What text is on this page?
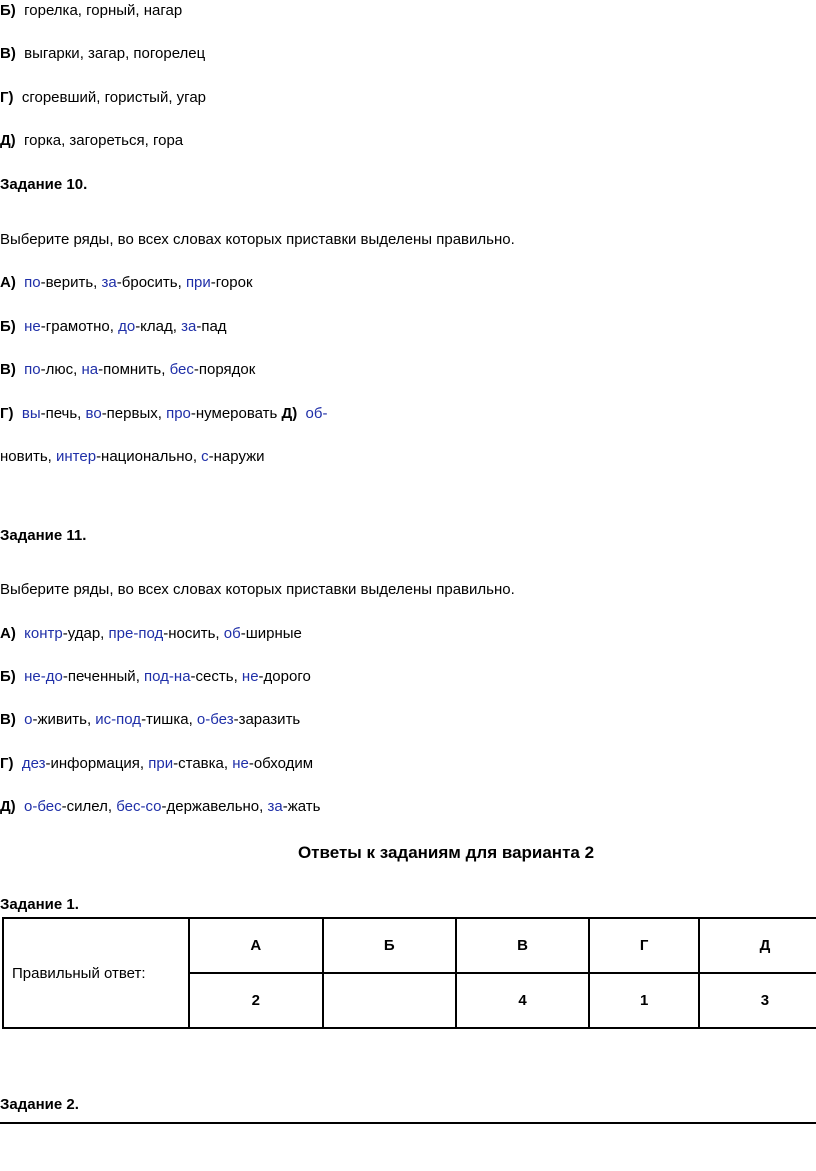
Б) горелка, горный, нагар
В) выгарки, загар, погорелец
Г) сгоревший, гористый, угар
Д) горка, загореться, гора
Задание 10.
Выберите ряды, во всех словах которых приставки выделены правильно.
А) по-верить, за-бросить, при-горок
Б) не-грамотно, до-клад, за-пад
В) по-люс, на-помнить, бес-порядок
Г) вы-печь, во-первых, про-нумеровать Д) об-
новить, интер-национально, с-наружи
Задание 11.
Выберите ряды, во всех словах которых приставки выделены правильно.
А) контр-удар, пре-под-носить, об-ширные
Б) не-до-печенный, под-на-сесть, не-дорого
В) о-живить, ис-под-тишка, о-без-заразить
Г) дез-информация, при-ставка, не-обходим
Д) о-бес-силел, бес-со-державельно, за-жать
Ответы к заданиям для варианта 2
Задание 1.
Правильный ответ:	А	Б	В	Г	Д
	2		4	1	3
Задание 2.
